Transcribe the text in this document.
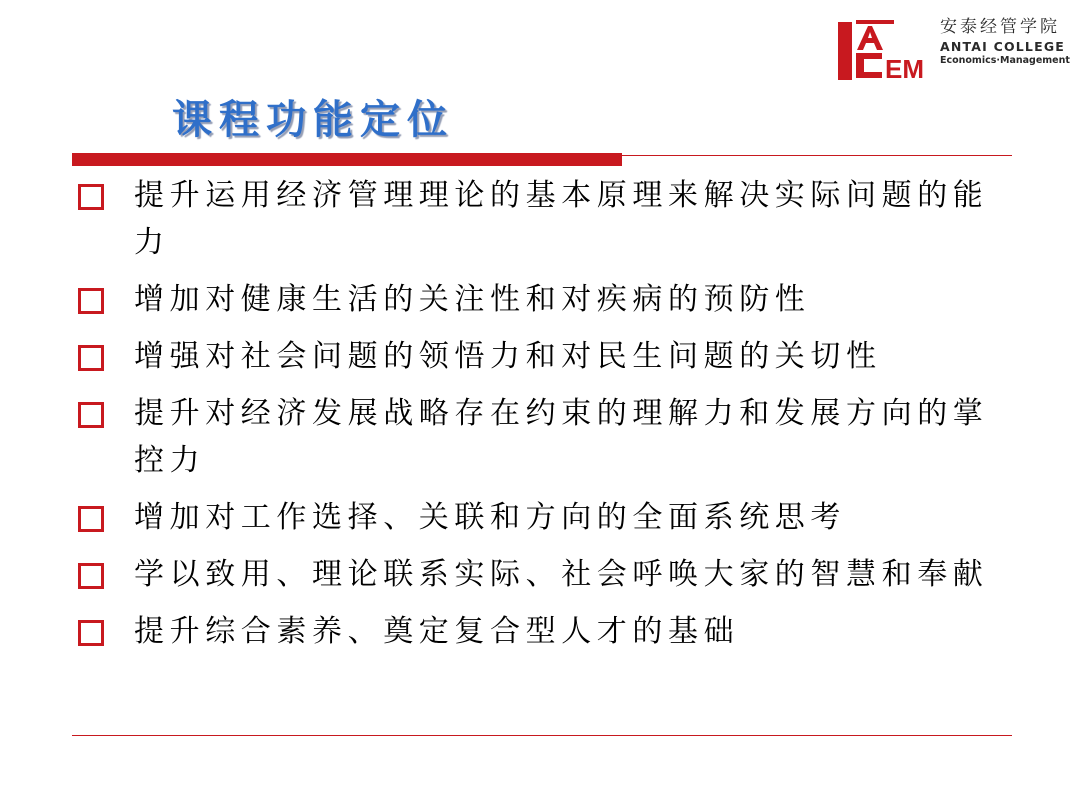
EM
安泰经管学院
ANTAI COLLEGE
Economics·Management
课程功能定位
提升运用经济管理理论的基本原理来解决实际问题的能力
增加对健康生活的关注性和对疾病的预防性
增强对社会问题的领悟力和对民生问题的关切性
提升对经济发展战略存在约束的理解力和发展方向的掌控力
增加对工作选择、关联和方向的全面系统思考
学以致用、理论联系实际、社会呼唤大家的智慧和奉献
提升综合素养、奠定复合型人才的基础
